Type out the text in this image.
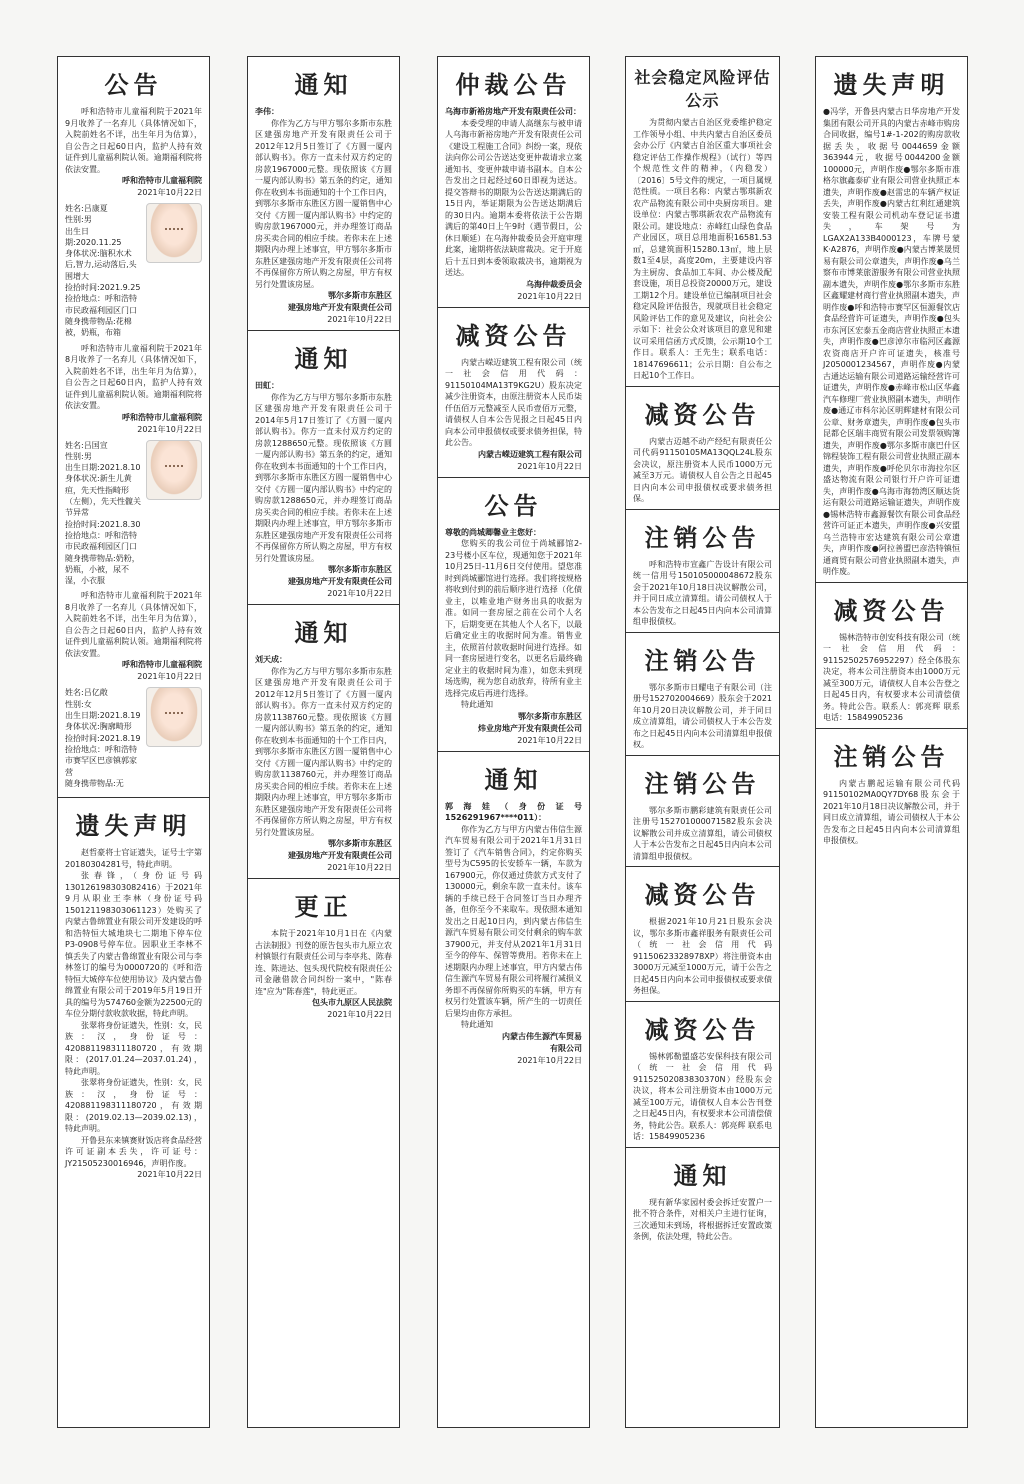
公告

呼和浩特市儿童福利院于2021年9月收养了一名弃儿（具体情况如下，入院前姓名不详，出生年月为估算），自公告之日起60日内，监护人持有效证件到儿童福利院认领。逾期福利院将依法安置。

呼和浩特市儿童福利院
2021年10月22日
姓名:吕康夏
性别:男
出生日期:2020.11.25
身体状况:脑积水术后,智力,运动落后,头围增大
捡拾时间:2021.9.25
捡拾地点：呼和浩特市民政福利园区门口
随身携带物品:花棉被，奶瓶，布箱

呼和浩特市儿童福利院于2021年8月收养了一名弃儿（具体情况如下，入院前姓名不详，出生年月为估算），自公告之日起60日内，监护人持有效证件到儿童福利院认领。逾期福利院将依法安置。

呼和浩特市儿童福利院
2021年10月22日
姓名:吕国宣
性别:男
出生日期:2021.8.10
身体状况:新生儿黄疸，先天性指畸形（左侧），先天性髋关节异常
捡拾时间:2021.8.30
捡拾地点：呼和浩特市民政福利园区门口
随身携带物品:奶粉，奶瓶，小被，尿不湿，小衣服

呼和浩特市儿童福利院于2021年8月收养了一名弃儿（具体情况如下，入院前姓名不详，出生年月为估算），自公告之日起60日内，监护人持有效证件到儿童福利院认领。逾期福利院将依法安置。

呼和浩特市儿童福利院
2021年10月22日
姓名:吕亿敞
性别:女
出生日期:2021.8.19
身体状况:胸廓畸形
捡拾时间:2021.8.19
捡拾地点：呼和浩特市赛罕区巴彦镇郭家营
随身携带物品:无
遗失声明

赵哲豪将士官证遗失，证号士字第20180304281号，特此声明。

张春锋，（身份证号码130126198303082416）于2021年9月从职业王李林（身份证号码150121198303061123）处购买了内蒙古鲁绵置业有限公司开发建设的呼和浩特恒大城地块七二期地下停车位P3-0908号停车位。因职业王李林不慎丢失了内蒙古鲁绵置业有限公司与李林签订的编号为0000720的《呼和浩特恒大城停车位使用协议》及内蒙古鲁绵置业有限公司于2019年5月19日开具的编号为574760金额为22500元的车位分期付款收款收据，特此声明。

张翠将身份证遗失，性别：女，民族：汉，身份证号：420881198311180720，有效期限：(2017.01.24—2037.01.24)，特此声明。

张翠将身份证遗失，性别：女，民族：汉，身份证号：420881198311180720，有效期限：(2019.02.13—2039.02.13)，特此声明。

开鲁县东来镇赛财饭店将食品经营许可证副本丢失，许可证号：JY21505230016946，声明作废。

2021年10月22日
通知

李伟：

你作为乙方与甲方鄂尔多斯市东胜区建强房地产开发有限责任公司于2012年12月5日签订了《方圆一厦内部认购书》。你方一直未付双方约定的房款1967000元整。现依照该《方圆一厦内部认购书》第五条的约定，通知你在收到本书面通知的十个工作日内，到鄂尔多斯市东胜区方圆一厦销售中心交付《方圆一厦内部认购书》中约定的购房款1967000元，并办理签订商品房买卖合同的相应手续。若你未在上述期限内办理上述事宜，甲方鄂尔多斯市东胜区建强房地产开发有限责任公司将不再保留你方所认购之房屋，甲方有权另行处置该房屋。

鄂尔多斯市东胜区
建强房地产开发有限责任公司
2021年10月22日
通知

田虹：

你作为乙方与甲方鄂尔多斯市东胜区建强房地产开发有限责任公司于2014年5月17日签订了《方圆一厦内部认购书》。你方一直未付双方约定的房款1288650元整。现依照该《方圆一厦内部认购书》第五条的约定，通知你在收到本书面通知的十个工作日内，到鄂尔多斯市东胜区方圆一厦销售中心交付《方圆一厦内部认购书》中约定的购房款1288650元，并办理签订商品房买卖合同的相应手续。若你未在上述期限内办理上述事宜，甲方鄂尔多斯市东胜区建强房地产开发有限责任公司将不再保留你方所认购之房屋，甲方有权另行处置该房屋。

鄂尔多斯市东胜区
建强房地产开发有限责任公司
2021年10月22日
通知

刘天成：

你作为乙方与甲方鄂尔多斯市东胜区建强房地产开发有限责任公司于2012年12月5日签订了《方圆一厦内部认购书》。你方一直未付双方约定的房款1138760元整。现依照该《方圆一厦内部认购书》第五条的约定，通知你在收到本书面通知的十个工作日内，到鄂尔多斯市东胜区方圆一厦销售中心交付《方圆一厦内部认购书》中约定的购房款1138760元，并办理签订商品房买卖合同的相应手续。若你未在上述期限内办理上述事宜，甲方鄂尔多斯市东胜区建强房地产开发有限责任公司将不再保留你方所认购之房屋，甲方有权另行处置该房屋。

鄂尔多斯市东胜区
建强房地产开发有限责任公司
2021年10月22日
更正

本院于2021年10月1日在《内蒙古法制报》刊登的原告包头市九原立农村镇银行有限责任公司与李亭兆、陈春连、陈进达、包头现代院校有限责任公司金融借款合同纠纷一案中，"陈春连"应为"陈春莲"，特此更正。

包头市九原区人民法院
2021年10月22日
仲裁公告

乌海市新裕房地产开发有限责任公司：

本委受理的申请人高继东与被申请人乌海市新裕房地产开发有限责任公司《建设工程施工合同》纠纷一案，现依法向你公司公告送达变更仲裁请求立案通知书、变更仲裁申请书副本。自本公告发出之日起经过60日即视为送达。提交答辩书的期限为公告送达期满后的15日内，举证期限为公告送达期满后的30日内。逾期本委将依法于公告期满后的第40日上午9时（遇节假日，公休日顺延）在乌海仲裁委员会开庭审理此案，逾期将依法缺席裁决。定于开庭后十五日到本委领取裁决书，逾期视为送达。

乌海仲裁委员会
2021年10月22日
减资公告

内蒙古嵘迈建筑工程有限公司（统一社会信用代码：91150104MA13T9KG2U）股东决定减少注册资本，由原注册资本人民币柒仟伍佰万元整减至人民币壹佰万元整，请债权人自本公告见报之日起45日内向本公司申报债权或要求债务担保，特此公告。

内蒙古嵘迈建筑工程有限公司
2021年10月22日
公告

尊敬的尚城卿馨业主您好：

您购买的我公司位于尚城郦馆2-23号楼小区车位，现通知您于2021年10月25日-11月6日交付使用。望您准时到尚城郦馆进行选择。我们将按规格将收到付到的前后顺序进行选择（化债业主，以唯业地产财务出具的收据为准。如同一套房屋之前在公司个人名下，后期变更在其他人个人名下，以最后确定业主的收据时间为准。销售业主，依照首付款收据时间进行选择。如同一套房屋进行变名，以更名后最终确定业主的收据时间为准），如您未到现场选购，视为您自动放弃，待所有业主选择完成后再进行选择。

特此通知

鄂尔多斯市东胜区
炜业房地产开发有限责任公司
2021年10月22日
通知

郭海娃（身份证号1526291967****011）：

你作为乙方与甲方内蒙古伟信生源汽车贸易有限公司于2021年1月31日签订了《汽车销售合同》，约定你购买型号为C595的长安轿车一辆，车款为167900元，你仅通过贷款方式支付了130000元，剩余车款一直未付。该车辆的手续已经于合同签订当日办理齐备，但你至今不来取车。现依照本通知发出之日起10日内，到内蒙古伟信生源汽车贸易有限公司交付剩余的购车款37900元，并支付从2021年1月31日至今的停车、保管等费用。若你未在上述期限内办理上述事宜，甲方内蒙古伟信生源汽车贸易有限公司将履行减损义务即不再保留你所购买的车辆，甲方有权另行处置该车辆，所产生的一切责任后果均由你方承担。

特此通知

内蒙古伟生源汽车贸易
有限公司
2021年10月22日
社会稳定风险评估公示

为贯彻内蒙古自治区党委维护稳定工作领导小组、中共内蒙古自治区委员会办公厅《内蒙古自治区重大事项社会稳定评估工作操作规程》（试行）等四个规范性文件的精神，（内稳发）〔2016〕5号文件的规定，一项目属规范性质。一项目名称：内蒙古鄂琪新农农产品物流有限公司中央厨房项目。建设单位：内蒙古鄂琪新农农产品物流有限公司。建设地点：赤峰红山绿色食品产业园区，项目总用地面积16581.53㎡，总建筑面积15280.13㎡，地上层数1至4层，高度20m，主要建设内容为主厨房、食品加工车间、办公楼及配套设施，项目总投资20000万元，建设工期12个月。建设单位已编制项目社会稳定风险评估报告，现就项目社会稳定风险评估工作的意见及建议，向社会公示如下：社会公众对该项目的意见和建议可采用信函方式反馈，公示期10个工作日。联系人：王先生；联系电话：18147696611；公示日期：自公布之日起10个工作日。

减资公告

内蒙古迈越不动产经纪有限责任公司代码91150105MA13QQL24L股东会决议，原注册资本人民币1000万元减至3万元。请债权人自公告之日起45日内向本公司申报债权或要求债务担保。

注销公告

呼和浩特市宣鑫广告设计有限公司统一信用号150105000048672股东会于2021年10月18日决议解散公司，并于同日成立清算组。请公司债权人于本公告发布之日起45日内向本公司清算组申报债权。

注销公告

鄂尔多斯市日耀电子有限公司（注册号152702004669）股东会于2021年10月20日决议解散公司，并于同日成立清算组，请公司债权人于本公告发布之日起45日内向本公司清算组申报债权。

注销公告

鄂尔多斯市鹏彩建筑有限责任公司注册号152701000071582股东会决议解散公司并成立清算组，请公司债权人于本公告发布之日起45日内向本公司清算组申报债权。

减资公告

根据2021年10月21日股东会决议，鄂尔多斯市鑫祥服务有限责任公司（统一社会信用代码91150623328978XP）将注册资本由3000万元减至1000万元，请于公告之日起45日内向本公司申报债权或要求债务担保。

减资公告

锡林郭勒盟盛芯安保科技有限公司（统一社会信用代码91152502083830370N）经股东会决议，将本公司注册资本由1000万元减至100万元，请债权人自本公告刊登之日起45日内，有权要求本公司清偿债务，特此公告。联系人：郭亮辉 联系电话：15849905236

通知

现有新华家园村委会拆迁安置户一批不符合条件，对相关户主进行征询，三次通知未到场，将根据拆迁安置政策条例，依法处理，特此公告。

遗失声明

●冯学，开鲁县内蒙古日华房地产开发集团有限公司开具的内蒙古赤峰市购房合同收据，编号1#-1-202的购房款收据丢失，收据号0044659金额363944元，收据号0044200金额100000元，声明作废●鄂尔多斯市准格尔旗鑫泰矿业有限公司营业执照正本遗失，声明作废●赵雷忠的车辆产权证丢失，声明作废●内蒙古红利红通建筑安装工程有限公司机动车登记证书遗失，车架号为LGAX2A133B4000123，车牌号蒙K·A2876，声明作废●内蒙古博莱晟贸易有限公司公章遗失，声明作废●乌兰察布市博莱旅游服务有限公司营业执照副本遗失，声明作废●鄂尔多斯市东胜区鑫耀建材商行营业执照副本遗失，声明作废●呼和浩特市赛罕区恒源餐饮店食品经营许可证遗失，声明作废●包头市东河区宏泰五金商店营业执照正本遗失，声明作废●巴彦淖尔市临河区鑫源农资商店开户许可证遗失，核准号J2050001234567，声明作废●内蒙古通达运输有限公司道路运输经营许可证遗失，声明作废●赤峰市松山区华鑫汽车修理厂营业执照副本遗失，声明作废●通辽市科尔沁区明辉建材有限公司公章、财务章遗失，声明作废●包头市昆都仑区瑞丰商贸有限公司发票领购簿遗失，声明作废●鄂尔多斯市康巴什区锦程装饰工程有限公司营业执照正副本遗失，声明作废●呼伦贝尔市海拉尔区盛达物流有限公司银行开户许可证遗失，声明作废●乌海市海勃湾区顺达货运有限公司道路运输证遗失，声明作废●锡林浩特市鑫源餐饮有限公司食品经营许可证正本遗失，声明作废●兴安盟乌兰浩特市宏达建筑有限公司公章遗失，声明作废●阿拉善盟巴彦浩特镇恒通商贸有限公司营业执照副本遗失，声明作废。

减资公告

锡林浩特市创安科技有限公司（统一社会信用代码：91152502576952297）经全体股东决定，将本公司注册资本由1000万元减至300万元，请债权人自本公告登之日起45日内，有权要求本公司清偿债务。特此公告。联系人：郭亮辉 联系电话：15849905236

注销公告

内蒙古鹏起运输有限公司代码91150102MA0QY7DY68股东会于2021年10月18日决议解散公司，并于同日成立清算组，请公司债权人于本公告发布之日起45日内向本公司清算组申报债权。
